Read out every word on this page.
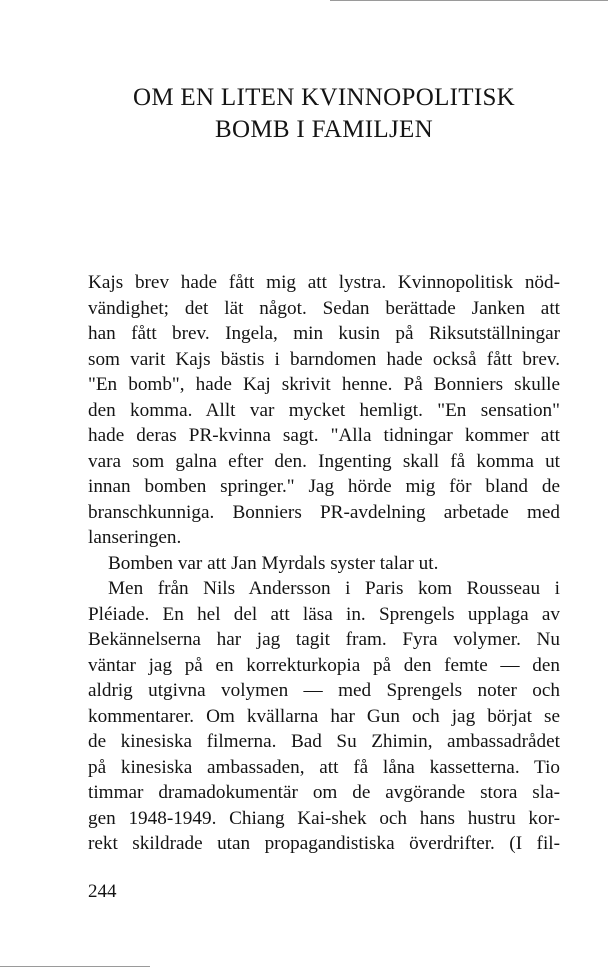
OM EN LITEN KVINNOPOLITISK
BOMB I FAMILJEN
Kajs brev hade fått mig att lystra. Kvinnopolitisk nöd-
vändighet; det lät något. Sedan berättade Janken att
han fått brev. Ingela, min kusin på Riksutställningar
som varit Kajs bästis i barndomen hade också fått brev.
"En bomb", hade Kaj skrivit henne. På Bonniers skulle
den komma. Allt var mycket hemligt. "En sensation"
hade deras PR-kvinna sagt. "Alla tidningar kommer att
vara som galna efter den. Ingenting skall få komma ut
innan bomben springer." Jag hörde mig för bland de
branschkunniga. Bonniers PR-avdelning arbetade med
lanseringen.
Bomben var att Jan Myrdals syster talar ut.
Men från Nils Andersson i Paris kom Rousseau i
Pléiade. En hel del att läsa in. Sprengels upplaga av
Bekännelserna har jag tagit fram. Fyra volymer. Nu
väntar jag på en korrekturkopia på den femte — den
aldrig utgivna volymen — med Sprengels noter och
kommentarer. Om kvällarna har Gun och jag börjat se
de kinesiska filmerna. Bad Su Zhimin, ambassadrådet
på kinesiska ambassaden, att få låna kassetterna. Tio
timmar dramadokumentär om de avgörande stora sla-
gen 1948-1949. Chiang Kai-shek och hans hustru kor-
rekt skildrade utan propagandistiska överdrifter. (I fil-
244
